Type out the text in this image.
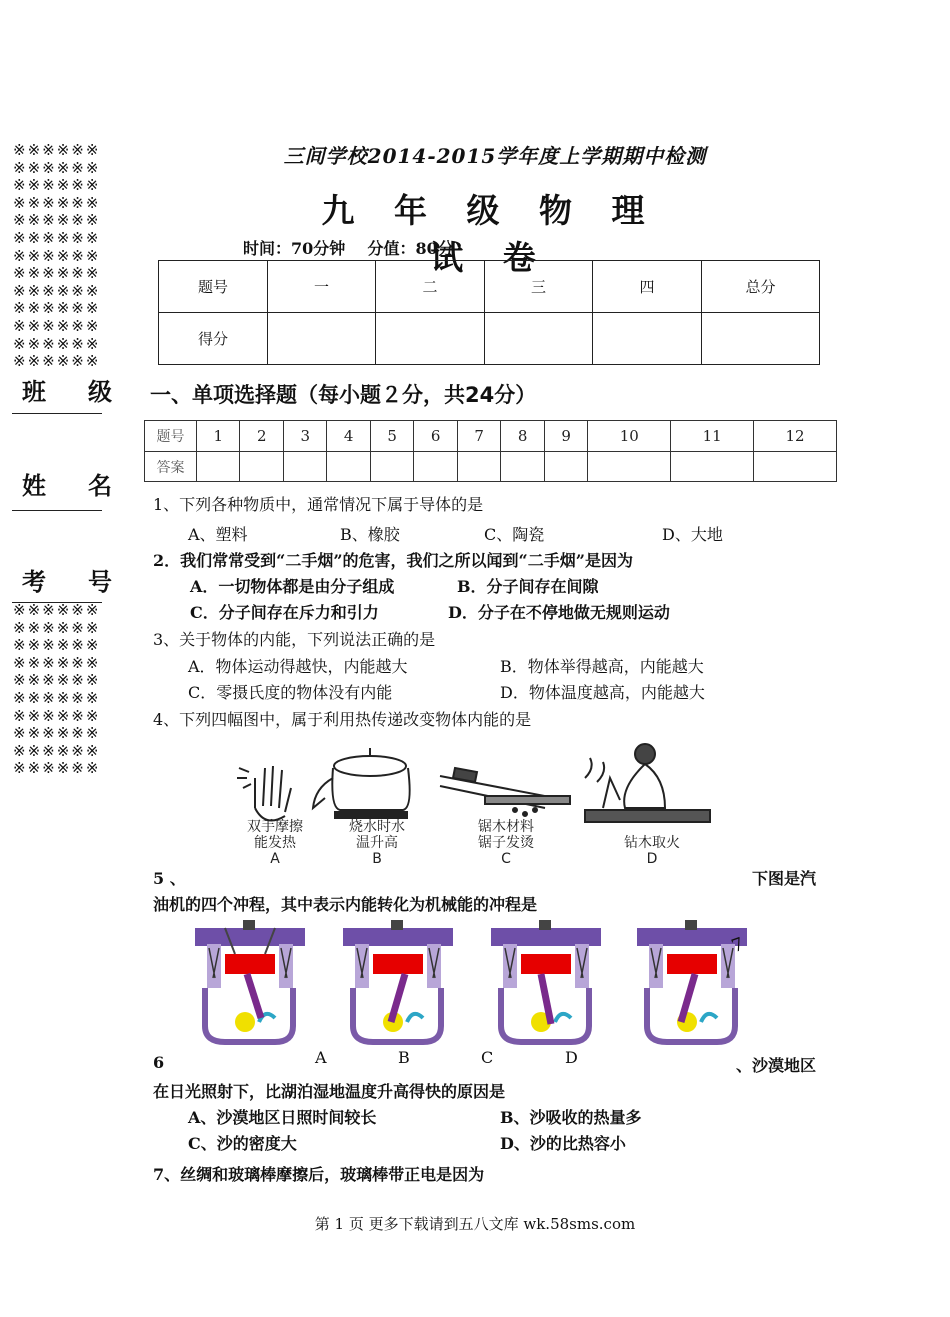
※※※※※※
※※※※※※
※※※※※※
※※※※※※
※※※※※※
※※※※※※
※※※※※※
※※※※※※
※※※※※※
※※※※※※
※※※※※※
※※※※※※
※※※※※※
班 级
姓 名
考 号
※※※※※※
※※※※※※
※※※※※※
※※※※※※
※※※※※※
※※※※※※
※※※※※※
※※※※※※
※※※※※※
※※※※※※
三间学校2014-2015学年度上学期期中检测
九 年 级 物 理 试 卷
时间：70分钟    分值：80分
题号	一	二	三	四	总分
得分					
一、单项选择题（每小题２分，共24分）
题号	1	2	3	4	5	6	7	8	9	10	11	12
答案												
1、下列各种物质中，通常情况下属于导体的是
A、塑料	B、橡胶	C、陶瓷	D、大地
2．我们常常受到“二手烟”的危害，我们之所以闻到“二手烟”是因为
A．一切物体都是由分子组成	B．分子间存在间隙
C．分子间存在斥力和引力	D．分子在不停地做无规则运动
3、关于物体的内能，下列说法正确的是
A．物体运动得越快，内能越大	B．物体举得越高，内能越大
C．零摄氏度的物体没有内能	D．物体温度越高，内能越大
4、下列四幅图中，属于利用热传递改变物体内能的是
双手摩擦
能发热
A
烧水时水
温升高
B
锯木材料
锯子发烫
C
钻木取火
D
5 、	下图是汽
油机的四个冲程，其中表示内能转化为机械能的冲程是
7
A	B	C	D
6	、沙漠地区
在日光照射下，比湖泊湿地温度升高得快的原因是
A、沙漠地区日照时间较长	B、沙吸收的热量多
C、沙的密度大	D、沙的比热容小
7、丝绸和玻璃棒摩擦后，玻璃棒带正电是因为
第 1 页 更多下载请到五八文库 wk.58sms.com
